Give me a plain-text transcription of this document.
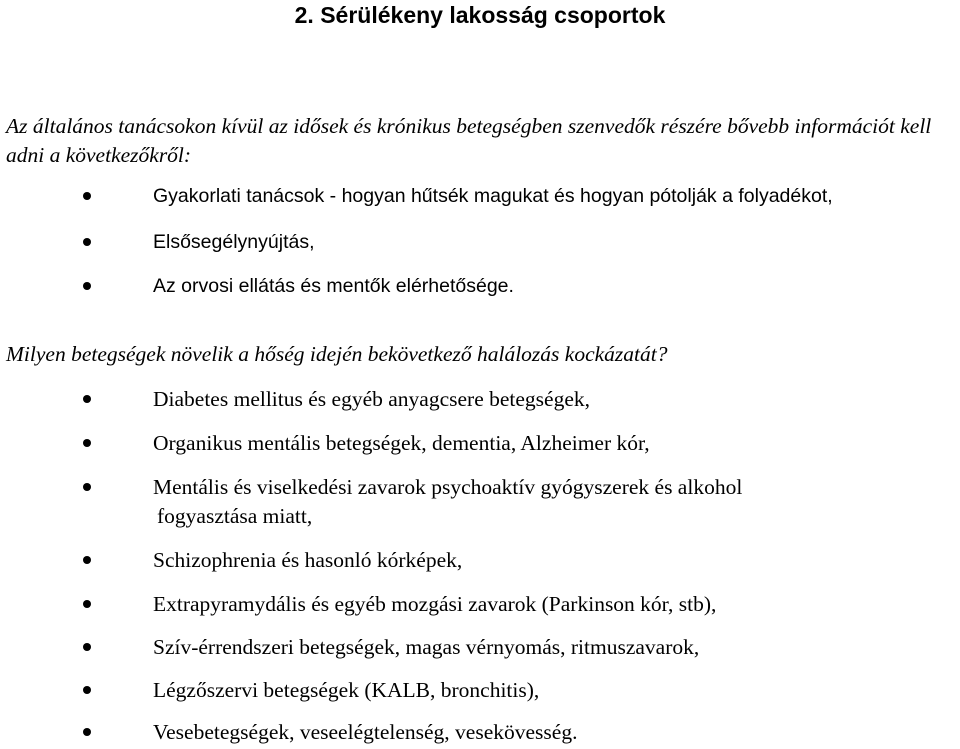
2. Sérülékeny lakosság csoportok
Az általános tanácsokon kívül az idősek és krónikus betegségben szenvedők részére bővebb információt kell adni a következőkről:
Gyakorlati tanácsok - hogyan hűtsék magukat és hogyan pótolják a folyadékot,
Elsősegélynyújtás,
Az orvosi ellátás és mentők elérhetősége.
Milyen betegségek növelik a hőség idején bekövetkező halálozás kockázatát?
Diabetes mellitus és egyéb anyagcsere betegségek,
Organikus mentális betegségek, dementia, Alzheimer kór,
Mentális és viselkedési zavarok psychoaktív gyógyszerek és alkohol
fogyasztása miatt,
Schizophrenia és hasonló kórképek,
Extrapyramydális és egyéb mozgási zavarok (Parkinson kór, stb),
Szív-érrendszeri betegségek, magas vérnyomás, ritmuszavarok,
Légzőszervi betegségek (KALB, bronchitis),
Vesebetegségek, veseelégtelenség, vesekövesség.
